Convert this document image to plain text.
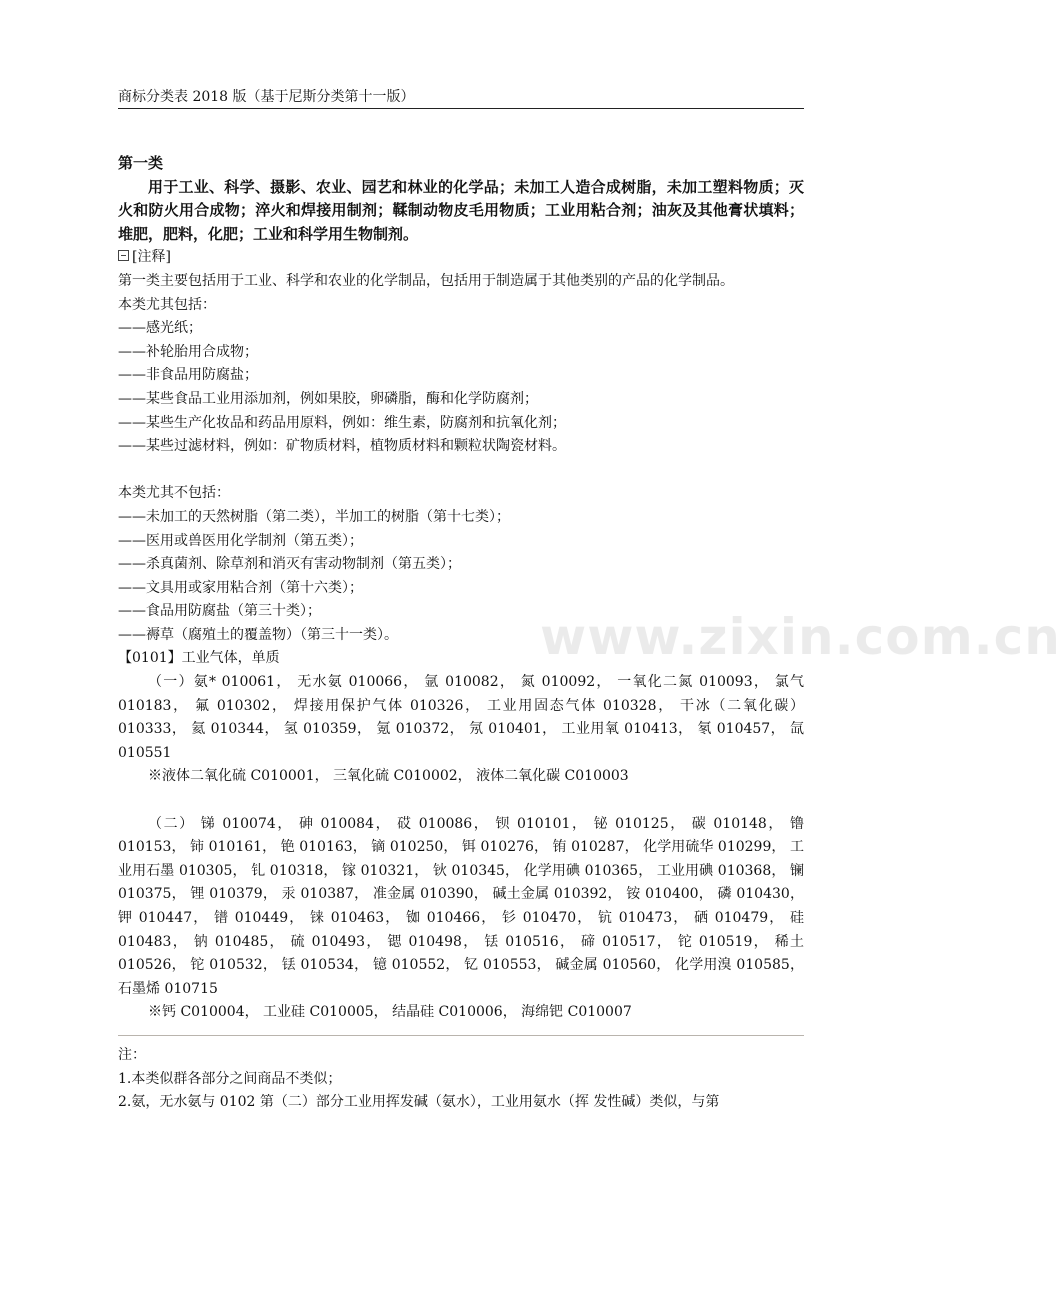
商标分类表 2018 版（基于尼斯分类第十一版）

第一类

用于工业、科学、摄影、农业、园艺和林业的化学品；未加工人造合成树脂，未加工塑料物质；灭火和防火用合成物；淬火和焊接用制剂；鞣制动物皮毛用物质；工业用粘合剂；油灰及其他膏状填料；堆肥，肥料，化肥；工业和科学用生物制剂。

[注释]

第一类主要包括用于工业、科学和农业的化学制品，包括用于制造属于其他类别的产品的化学制品。

本类尤其包括：

——感光纸；

——补轮胎用合成物；

——非食品用防腐盐；

——某些食品工业用添加剂，例如果胶，卵磷脂，酶和化学防腐剂；

——某些生产化妆品和药品用原料，例如：维生素，防腐剂和抗氧化剂；

——某些过滤材料，例如：矿物质材料，植物质材料和颗粒状陶瓷材料。

本类尤其不包括：

——未加工的天然树脂（第二类），半加工的树脂（第十七类）；

——医用或兽医用化学制剂（第五类）；

——杀真菌剂、除草剂和消灭有害动物制剂（第五类）；

——文具用或家用粘合剂（第十六类）；

——食品用防腐盐（第三十类）；

——褥草（腐殖土的覆盖物）（第三十一类）。

【0101】工业气体，单质

（一）氨* 010061， 无水氨 010066， 氩 010082， 氮 010092， 一氧化二氮 010093， 氯气 010183， 氟 010302， 焊接用保护气体 010326， 工业用固态气体 010328， 干冰（二氧化碳）010333， 氦 010344， 氢 010359， 氪 010372， 氖 010401， 工业用氧 010413， 氡 010457， 氙 010551

※液体二氧化硫 C010001， 三氧化硫 C010002， 液体二氧化碳 C010003

（二） 锑 010074， 砷 010084， 砹 010086， 钡 010101， 铋 010125， 碳 010148， 镥 010153， 铈 010161， 铯 010163， 镝 010250， 铒 010276， 铕 010287， 化学用硫华 010299， 工业用石墨 010305， 钆 010318， 镓 010321， 钬 010345， 化学用碘 010365， 工业用碘 010368， 镧 010375， 锂 010379， 汞 010387， 准金属 010390， 碱土金属 010392， 铵 010400， 磷 010430， 钾 010447， 镨 010449， 铼 010463， 铷 010466， 钐 010470， 钪 010473， 硒 010479， 硅 010483， 钠 010485， 硫 010493， 锶 010498， 铥 010516， 碲 010517， 铊 010519， 稀土 010526， 铊 010532， 铥 010534， 镱 010552， 钇 010553， 碱金属 010560， 化学用溴 010585， 石墨烯 010715

※钙 C010004， 工业硅 C010005， 结晶硅 C010006， 海绵钯 C010007

注：

1.本类似群各部分之间商品不类似；

2.氨，无水氨与 0102 第（二）部分工业用挥发碱（氨水），工业用氨水（挥 发性碱）类似，与第

www.zixin.com.cn
